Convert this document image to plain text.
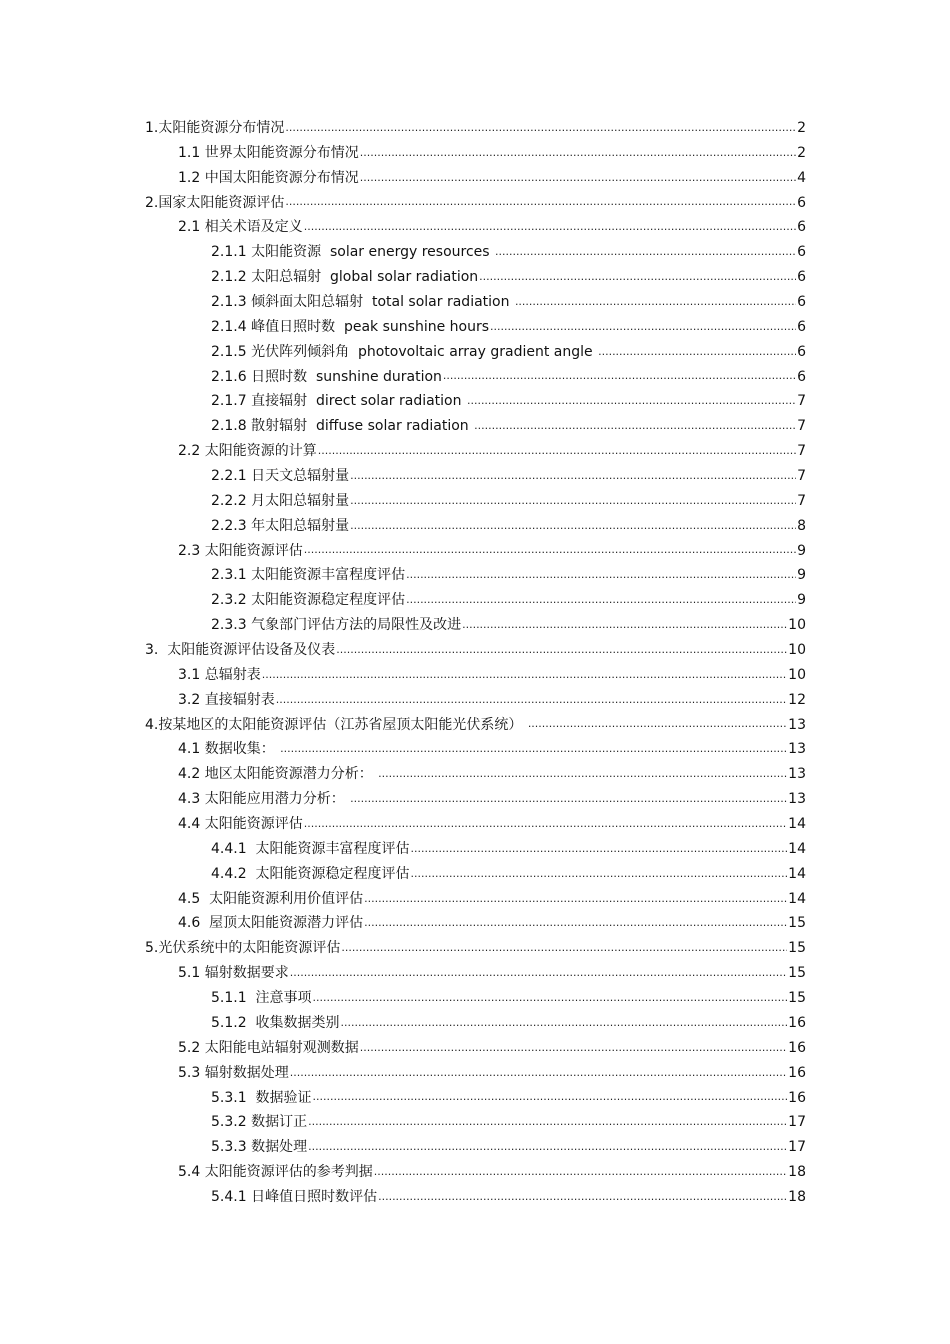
1.太阳能资源分布情况 .....	2
1.1 世界太阳能资源分布情况 .....	2
1.2 中国太阳能资源分布情况 .....	4
2.国家太阳能资源评估 .....	6
2.1 相关术语及定义 .....	6
2.1.1 太阳能资源  solar energy resources .....	6
2.1.2 太阳总辐射  global solar radiation .....	6
2.1.3 倾斜面太阳总辐射  total solar radiation .....	6
2.1.4 峰值日照时数  peak sunshine hours .....	6
2.1.5 光伏阵列倾斜角  photovoltaic array gradient angle .....	6
2.1.6 日照时数  sunshine duration .....	6
2.1.7 直接辐射  direct solar radiation .....	7
2.1.8 散射辐射  diffuse solar radiation .....	7
2.2 太阳能资源的计算 .....	7
2.2.1 日天文总辐射量 .....	7
2.2.2 月太阳总辐射量 .....	7
2.2.3 年太阳总辐射量 .....	8
2.3 太阳能资源评估 .....	9
2.3.1 太阳能资源丰富程度评估 .....	9
2.3.2 太阳能资源稳定程度评估 .....	9
2.3.3 气象部门评估方法的局限性及改进 .....	10
3.  太阳能资源评估设备及仪表 .....	10
3.1 总辐射表 .....	10
3.2 直接辐射表 .....	12
4.按某地区的太阳能资源评估（江苏省屋顶太阳能光伏系统） .....	13
4.1 数据收集： .....	13
4.2 地区太阳能资源潜力分析： .....	13
4.3 太阳能应用潜力分析： .....	13
4.4 太阳能资源评估 .....	14
4.4.1  太阳能资源丰富程度评估 .....	14
4.4.2  太阳能资源稳定程度评估 .....	14
4.5  太阳能资源利用价值评估 .....	14
4.6  屋顶太阳能资源潜力评估 .....	15
5.光伏系统中的太阳能资源评估 .....	15
5.1 辐射数据要求 .....	15
5.1.1  注意事项 .....	15
5.1.2  收集数据类别 .....	16
5.2 太阳能电站辐射观测数据 .....	16
5.3 辐射数据处理 .....	16
5.3.1  数据验证 .....	16
5.3.2 数据订正 .....	17
5.3.3 数据处理 .....	17
5.4 太阳能资源评估的参考判据 .....	18
5.4.1 日峰值日照时数评估 .....	18
